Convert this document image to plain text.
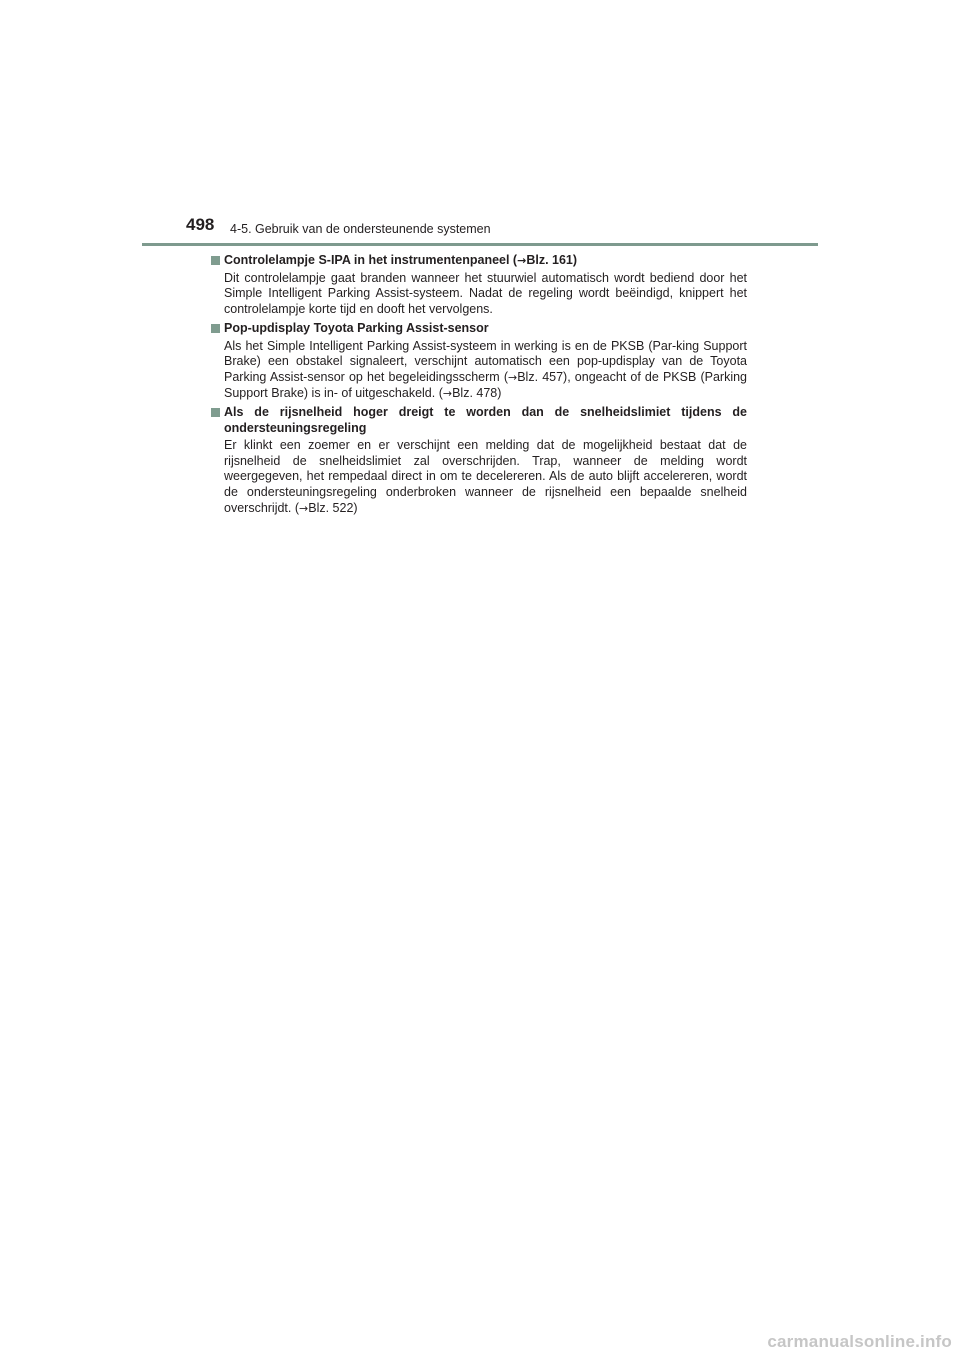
498 4-5. Gebruik van de ondersteunende systemen
Controlelampje S-IPA in het instrumentenpaneel (→Blz. 161)
Dit controlelampje gaat branden wanneer het stuurwiel automatisch wordt bediend door het Simple Intelligent Parking Assist-systeem. Nadat de regeling wordt beëindigd, knippert het controlelampje korte tijd en dooft het vervolgens.
Pop-updisplay Toyota Parking Assist-sensor
Als het Simple Intelligent Parking Assist-systeem in werking is en de PKSB (Par-king Support Brake) een obstakel signaleert, verschijnt automatisch een pop-updisplay van de Toyota Parking Assist-sensor op het begeleidingsscherm (→Blz. 457), ongeacht of de PKSB (Parking Support Brake) is in- of uitgeschakeld. (→Blz. 478)
Als de rijsnelheid hoger dreigt te worden dan de snelheidslimiet tijdens de ondersteuningsregeling
Er klinkt een zoemer en er verschijnt een melding dat de mogelijkheid bestaat dat de rijsnelheid de snelheidslimiet zal overschrijden. Trap, wanneer de melding wordt weergegeven, het rempedaal direct in om te decelereren. Als de auto blijft accelereren, wordt de ondersteuningsregeling onderbroken wanneer de rijsnelheid een bepaalde snelheid overschrijdt. (→Blz. 522)
carmanualsonline.info
